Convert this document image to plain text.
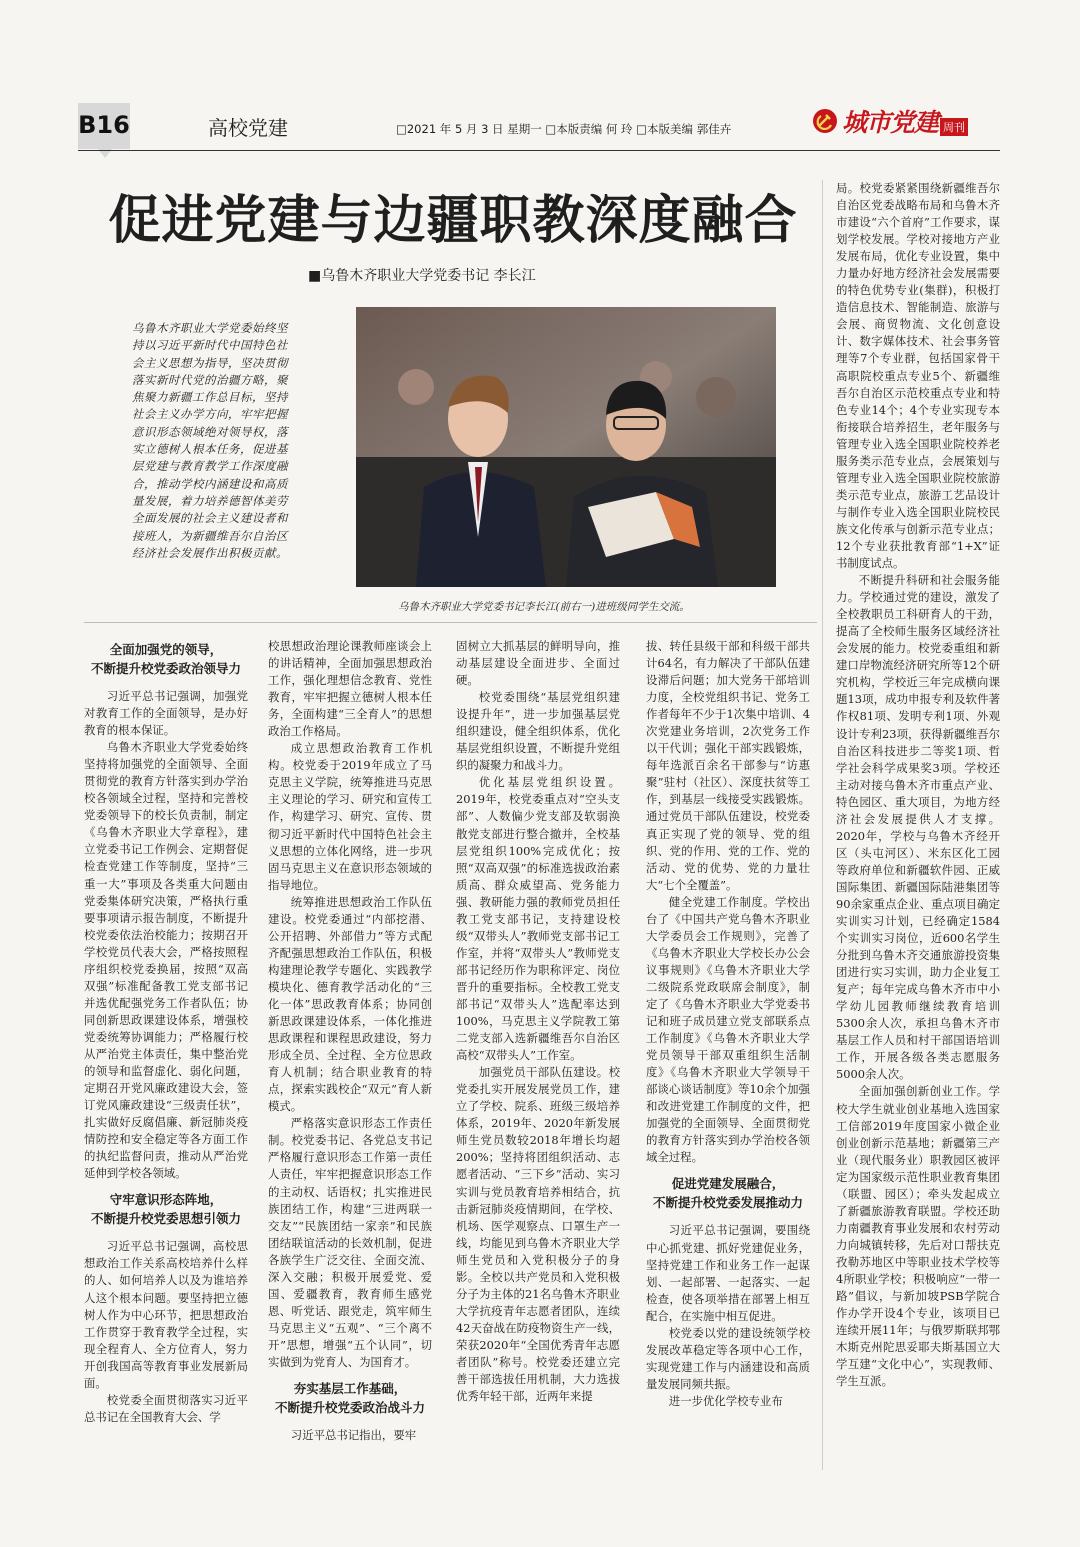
B16	高校党建	□2021 年 5 月 3 日 星期一 □本版责编 何 玲 □本版美编 郭佳卉	城市党建 周刊
促进党建与边疆职教深度融合
■乌鲁木齐职业大学党委书记 李长江
乌鲁木齐职业大学党委始终坚持以习近平新时代中国特色社会主义思想为指导，坚决贯彻落实新时代党的治疆方略，聚焦聚力新疆工作总目标，坚持社会主义办学方向，牢牢把握意识形态领域绝对领导权，落实立德树人根本任务，促进基层党建与教育教学工作深度融合，推动学校内涵建设和高质量发展，着力培养德智体美劳全面发展的社会主义建设者和接班人，为新疆维吾尔自治区经济社会发展作出积极贡献。
乌鲁木齐职业大学党委书记李长江(前右一)进班级同学生交流。
全面加强党的领导，
不断提升校党委政治领导力

习近平总书记强调，加强党对教育工作的全面领导，是办好教育的根本保证。

乌鲁木齐职业大学党委始终坚持将加强党的全面领导、全面贯彻党的教育方针落实到办学治校各领域全过程，坚持和完善校党委领导下的校长负责制，制定《乌鲁木齐职业大学章程》，建立党委书记工作例会、定期督促检查党建工作等制度，坚持“三重一大”事项及各类重大问题由党委集体研究决策，严格执行重要事项请示报告制度，不断提升校党委依法治校能力；按期召开学校党员代表大会，严格按照程序组织校党委换届，按照“双高双强”标准配备教工党支部书记并选优配强党务工作者队伍；协同创新思政课建设体系，增强校党委统筹协调能力；严格履行校从严治党主体责任，集中整治党的领导和监督虚化、弱化问题，定期召开党风廉政建设大会，签订党风廉政建设“三级责任状”，扎实做好反腐倡廉、新冠肺炎疫情防控和安全稳定等各方面工作的执纪监督问责，推动从严治党延伸到学校各领域。

守牢意识形态阵地，
不断提升校党委思想引领力

习近平总书记强调，高校思想政治工作关系高校培养什么样的人、如何培养人以及为谁培养人这个根本问题。要坚持把立德树人作为中心环节，把思想政治工作贯穿于教育教学全过程，实现全程育人、全方位育人，努力开创我国高等教育事业发展新局面。

校党委全面贯彻落实习近平总书记在全国教育大会、学

校思想政治理论课教师座谈会上的讲话精神，全面加强思想政治工作，强化理想信念教育、党性教育，牢牢把握立德树人根本任务，全面构建“三全育人”的思想政治工作格局。

成立思想政治教育工作机构。校党委于2019年成立了马克思主义学院，统筹推进马克思主义理论的学习、研究和宣传工作，构建学习、研究、宣传、贯彻习近平新时代中国特色社会主义思想的立体化网络，进一步巩固马克思主义在意识形态领域的指导地位。

统筹推进思想政治工作队伍建设。校党委通过“内部挖潜、公开招聘、外部借力”等方式配齐配强思想政治工作队伍，积极构建理论教学专题化、实践教学模块化、德育教学活动化的“三化一体”思政教育体系；协同创新思政课建设体系，一体化推进思政课程和课程思政建设，努力形成全员、全过程、全方位思政育人机制；结合职业教育的特点，探索实践校企“双元”育人新模式。

严格落实意识形态工作责任制。校党委书记、各党总支书记严格履行意识形态工作第一责任人责任，牢牢把握意识形态工作的主动权、话语权；扎实推进民族团结工作，构建“三进两联一交友”“民族团结一家亲”和民族团结联谊活动的长效机制，促进各族学生广泛交往、全面交流、深入交融；积极开展爱党、爱国、爱疆教育，教育师生感党恩、听党话、跟党走，筑牢师生马克思主义“五观”、“三个离不开”思想，增强“五个认同”，切实做到为党育人、为国育才。

夯实基层工作基础，
不断提升校党委政治战斗力

习近平总书记指出，要牢

固树立大抓基层的鲜明导向，推动基层建设全面进步、全面过硬。

校党委围绕“基层党组织建设提升年”，进一步加强基层党组织建设，健全组织体系，优化基层党组织设置，不断提升党组织的凝聚力和战斗力。

优化基层党组织设置。2019年，校党委重点对“空头支部”、人数偏少党支部及软弱涣散党支部进行整合撤并，全校基层党组织100%完成优化；按照“双高双强”的标准选拔政治素质高、群众威望高、党务能力强、教研能力强的教师党员担任教工党支部书记，支持建设校级“双带头人”教师党支部书记工作室，并将“双带头人”教师党支部书记经历作为职称评定、岗位晋升的重要指标。全校教工党支部书记“双带头人”选配率达到100%，马克思主义学院教工第二党支部入选新疆维吾尔自治区高校“双带头人”工作室。

加强党员干部队伍建设。校党委扎实开展发展党员工作，建立了学校、院系、班级三级培养体系，2019年、2020年新发展师生党员数较2018年增长均超200%；坚持将团组织活动、志愿者活动、“三下乡”活动、实习实训与党员教育培养相结合，抗击新冠肺炎疫情期间，在学校、机场、医学观察点、口罩生产一线，均能见到乌鲁木齐职业大学师生党员和入党积极分子的身影。全校以共产党员和入党积极分子为主体的21名乌鲁木齐职业大学抗疫青年志愿者团队，连续42天奋战在防疫物资生产一线，荣获2020年“全国优秀青年志愿者团队”称号。校党委还建立完善干部选拔任用机制，大力选拔优秀年轻干部，近两年来提

拔、转任县级干部和科级干部共计64名，有力解决了干部队伍建设滞后问题；加大党务干部培训力度，全校党组织书记、党务工作者每年不少于1次集中培训、4次党建业务培训，2次党务工作以干代训；强化干部实践锻炼，每年选派百余名干部参与“访惠聚”驻村（社区）、深度扶贫等工作，到基层一线接受实践锻炼。通过党员干部队伍建设，校党委真正实现了党的领导、党的组织、党的作用、党的工作、党的活动、党的优势、党的力量壮大“七个全覆盖”。

健全党建工作制度。学校出台了《中国共产党乌鲁木齐职业大学委员会工作规则》，完善了《乌鲁木齐职业大学校长办公会议事规则》《乌鲁木齐职业大学二级院系党政联席会制度》，制定了《乌鲁木齐职业大学党委书记和班子成员建立党支部联系点工作制度》《乌鲁木齐职业大学党员领导干部双重组织生活制度》《乌鲁木齐职业大学领导干部谈心谈话制度》等10余个加强和改进党建工作制度的文件，把加强党的全面领导、全面贯彻党的教育方针落实到办学治校各领域全过程。

促进党建发展融合，
不断提升校党委发展推动力

习近平总书记强调，要围绕中心抓党建、抓好党建促业务，坚持党建工作和业务工作一起谋划、一起部署、一起落实、一起检查，使各项举措在部署上相互配合，在实施中相互促进。

校党委以党的建设统领学校发展改革稳定等各项中心工作，实现党建工作与内涵建设和高质量发展同频共振。

进一步优化学校专业布

局。校党委紧紧围绕新疆维吾尔自治区党委战略布局和乌鲁木齐市建设“六个首府”工作要求，谋划学校发展。学校对接地方产业发展布局，优化专业设置，集中力量办好地方经济社会发展需要的特色优势专业(集群)，积极打造信息技术、智能制造、旅游与会展、商贸物流、文化创意设计、数字媒体技术、社会事务管理等7个专业群，包括国家骨干高职院校重点专业5个、新疆维吾尔自治区示范校重点专业和特色专业14个；4个专业实现专本衔接联合培养招生，老年服务与管理专业入选全国职业院校养老服务类示范专业点，会展策划与管理专业入选全国职业院校旅游类示范专业点，旅游工艺品设计与制作专业入选全国职业院校民族文化传承与创新示范专业点；12个专业获批教育部“1+X”证书制度试点。

不断提升科研和社会服务能力。学校通过党的建设，激发了全校教职员工科研育人的干劲，提高了全校师生服务区域经济社会发展的能力。校党委重组和新建口岸物流经济研究所等12个研究机构，学校近三年完成横向课题13项，成功申报专利及软件著作权81项、发明专利1项、外观设计专利23项，获得新疆维吾尔自治区科技进步二等奖1项、哲学社会科学成果奖3项。学校还主动对接乌鲁木齐市重点产业、特色园区、重大项目，为地方经济社会发展提供人才支撑。2020年，学校与乌鲁木齐经开区（头屯河区）、米东区化工园等政府单位和新疆软件园、正威国际集团、新疆国际陆港集团等90余家重点企业、重点项目确定实训实习计划，已经确定1584个实训实习岗位，近600名学生分批到乌鲁木齐交通旅游投资集团进行实习实训，助力企业复工复产；每年完成乌鲁木齐市中小学幼儿园教师继续教育培训5300余人次，承担乌鲁木齐市基层工作人员和村干部国语培训工作，开展各级各类志愿服务5000余人次。

全面加强创新创业工作。学校大学生就业创业基地入选国家工信部2019年度国家小微企业创业创新示范基地；新疆第三产业（现代服务业）职教园区被评定为国家级示范性职业教育集团（联盟、园区）；牵头发起成立了新疆旅游教育联盟。学校还助力南疆教育事业发展和农村劳动力向城镇转移，先后对口帮扶克孜勒苏地区中等职业技术学校等4所职业学校；积极响应“一带一路”倡议，与新加坡PSB学院合作办学开设4个专业，该项目已连续开展11年；与俄罗斯联邦鄂木斯克州陀思妥耶夫斯基国立大学互建“文化中心”，实现教师、学生互派。
